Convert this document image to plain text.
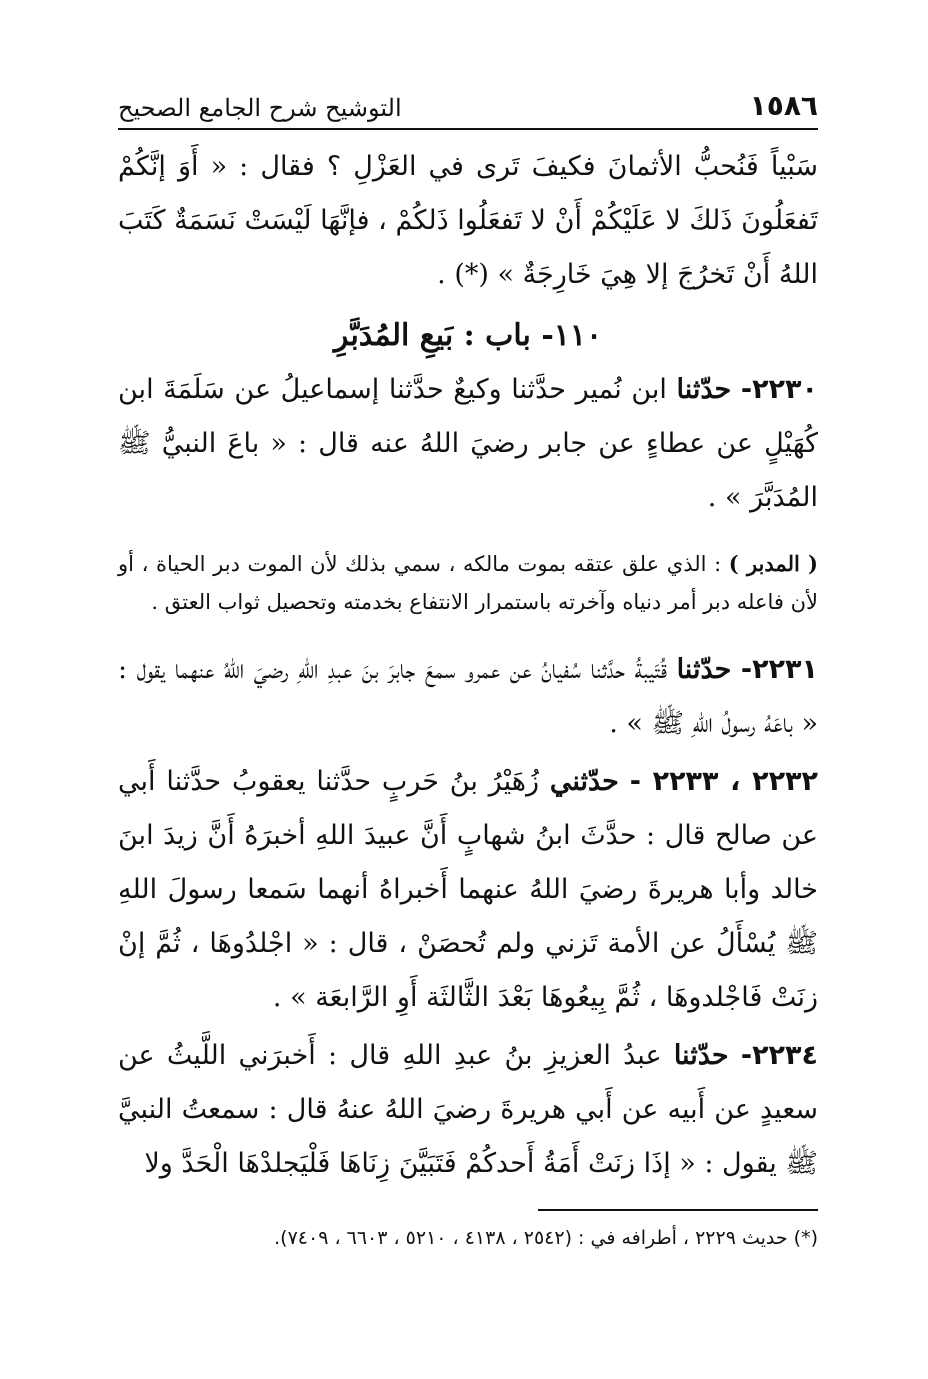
١٥٨٦
التوشيح شرح الجامع الصحيح

سَبْياً فَنُحبُّ الأثمانَ فكيفَ تَرى في العَزْلِ ؟ فقال : « أَوَ إنَّكُمْ تَفعَلُونَ ذَلكَ لا عَلَيْكُمْ أَنْ لا تَفعَلُوا ذَلكُمْ ، فإنَّهَا لَيْسَتْ نَسَمَةٌ كَتَبَ اللهُ أَنْ تَخرُجَ إلا هِيَ خَارِجَةٌ » (*) .

١١٠- باب : بَيعِ المُدَبَّرِ

٢٢٣٠- حدّثنا ابن نُمير حدَّثنا وكيعٌ حدَّثنا إسماعيلُ عن سَلَمَةَ ابن كُهَيْلٍ عن عطاءٍ عن جابر رضيَ اللهُ عنه قال : « باعَ النبيُّ ﷺ المُدَبَّرَ » .

( المدبر ) : الذي علق عتقه بموت مالكه ، سمي بذلك لأن الموت دبر الحياة ، أو لأن فاعله دبر أمر دنياه وآخرته باستمرار الانتفاع بخدمته وتحصيل ثواب العتق .

٢٢٣١- حدّثنا قُتَيبةُ حدَّثنا سُفيانُ عن عمرو سمعَ جابرَ بنَ عبدِ اللهِ رضيَ اللهُ عنهما يقول : « باعَهُ رسولُ اللهِ ﷺ » .

٢٢٣٢ ، ٢٢٣٣ - حدّثني زُهَيْرُ بنُ حَربٍ حدَّثنا يعقوبُ حدَّثنا أَبي عن صالح قال : حدَّثَ ابنُ شهابٍ أَنَّ عبيدَ اللهِ أخبرَهُ أَنَّ زيدَ ابنَ خالد وأبا هريرةَ رضيَ اللهُ عنهما أَخبراهُ أنهما سَمعا رسولَ اللهِ ﷺ يُسْأَلُ عن الأمة تَزني ولم تُحصَنْ ، قال : « اجْلدُوهَا ، ثُمَّ إنْ زنَتْ فَاجْلدوهَا ، ثُمَّ بِيعُوهَا بَعْدَ الثَّالثَة أَوِ الرَّابعَة » .

٢٢٣٤- حدّثنا عبدُ العزيزِ بنُ عبدِ اللهِ قال : أَخبرَني اللَّيثُ عن سعيدٍ عن أَبيه عن أَبي هريرةَ رضيَ اللهُ عنهُ قال : سمعتُ النبيَّ ﷺ يقول : « إذَا زنَتْ أَمَةُ أَحدكُمْ فَتَبَيَّنَ زِنَاهَا فَلْيَجلدْهَا الْحَدَّ ولا

(*) حديث ٢٢٢٩ ، أطرافه في : (٢٥٤٢ ، ٤١٣٨ ، ٥٢١٠ ، ٦٦٠٣ ، ٧٤٠٩).
